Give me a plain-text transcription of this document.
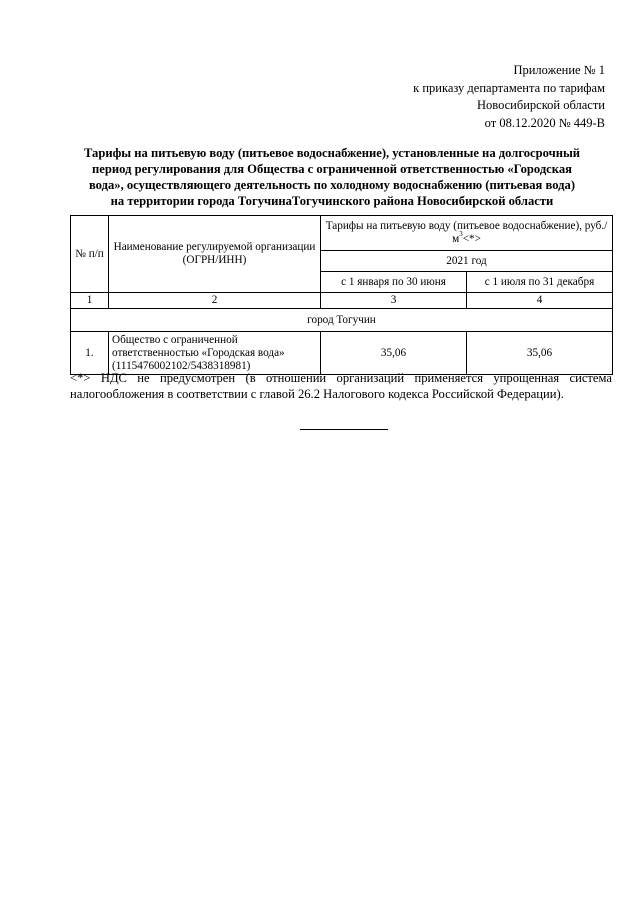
Приложение № 1
к приказу департамента по тарифам
Новосибирской области
от 08.12.2020 № 449-В
Тарифы на питьевую воду (питьевое водоснабжение), установленные на долгосрочный
период регулирования для Общества с ограниченной ответственностью «Городская
вода», осуществляющего деятельность по холодному водоснабжению (питьевая вода)
на территории города ТогучинаТогучинского района Новосибирской области
№ п/п	Наименование регулируемой организации (ОГРН/ИНН)	Тарифы на питьевую воду (питьевое водоснабжение), $руб./м^3<*>$	
		2021 год	
		с 1 января по 30 июня	с 1 июля по 31 декабря
1	2	3	4
город Тогучин			
1.	Общество с ограниченной ответственностью «Городская вода» (1115476002102/5438318981)	35,06	35,06
<*> НДС не предусмотрен (в отношении организаций применяется упрощённая система налогообложения в соответствии с главой 26.2 Налогового кодекса Российской Федерации).
